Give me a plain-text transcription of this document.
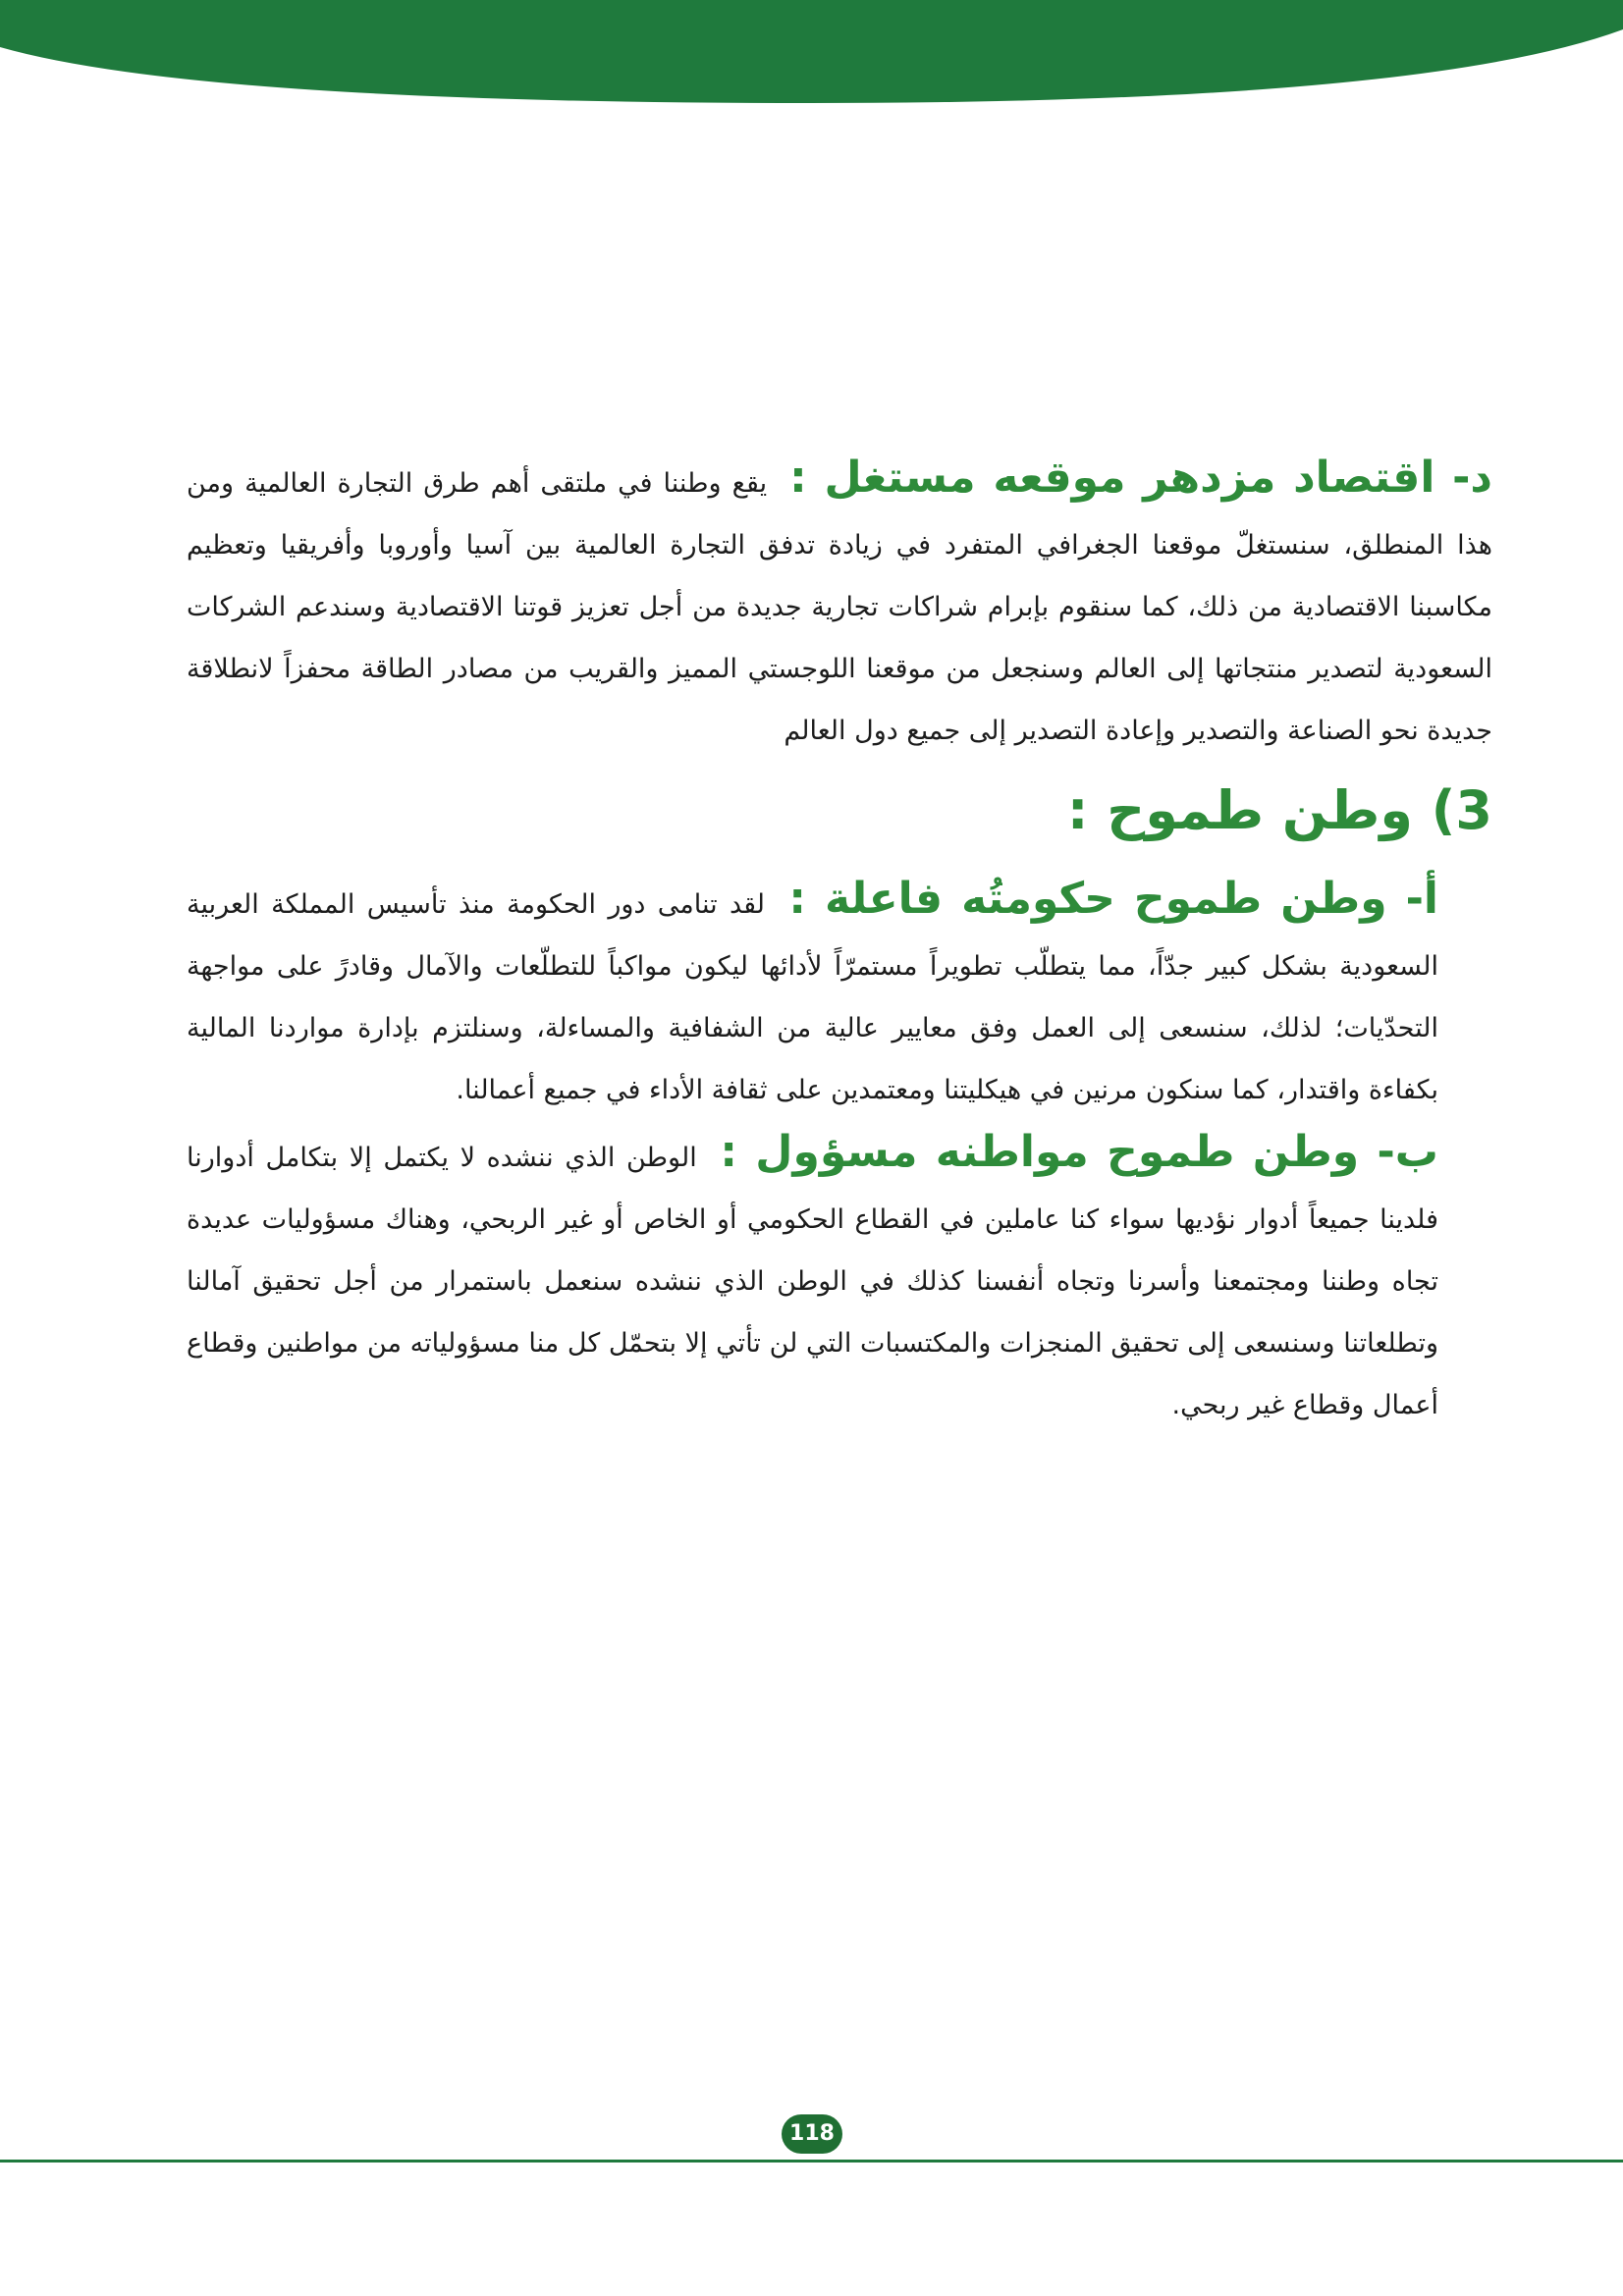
د- اقتصاد مزدهر موقعه مستغل : يقع وطننا في ملتقى أهم طرق التجارة العالمية ومن هذا المنطلق، سنستغلّ موقعنا الجغرافي المتفرد في زيادة تدفق التجارة العالمية بين آسيا وأوروبا وأفريقيا وتعظيم مكاسبنا الاقتصادية من ذلك، كما سنقوم بإبرام شراكات تجارية جديدة من أجل تعزيز قوتنا الاقتصادية وسندعم الشركات السعودية لتصدير منتجاتها إلى العالم وسنجعل من موقعنا اللوجستي المميز والقريب من مصادر الطاقة محفزاً لانطلاقة جديدة نحو الصناعة والتصدير وإعادة التصدير إلى جميع دول العالم

3) وطن طموح :

أ- وطن طموح حكومتُه فاعلة : لقد تنامى دور الحكومة منذ تأسيس المملكة العربية السعودية بشكل كبير جدّاً، مما يتطلّب تطويراً مستمرّاً لأدائها ليكون مواكباً للتطلّعات والآمال وقادرً على مواجهة التحدّيات؛ لذلك، سنسعى إلى العمل وفق معايير عالية من الشفافية والمساءلة، وسنلتزم بإدارة مواردنا المالية بكفاءة واقتدار، كما سنكون مرنين في هيكليتنا ومعتمدين على ثقافة الأداء في جميع أعمالنا.

ب- وطن طموح مواطنه مسؤول : الوطن الذي ننشده لا يكتمل إلا بتكامل أدوارنا فلدينا جميعاً أدوار نؤديها سواء كنا عاملين في القطاع الحكومي أو الخاص أو غير الربحي، وهناك مسؤوليات عديدة تجاه وطننا ومجتمعنا وأسرنا وتجاه أنفسنا كذلك في الوطن الذي ننشده سنعمل باستمرار من أجل تحقيق آمالنا وتطلعاتنا وسنسعى إلى تحقيق المنجزات والمكتسبات التي لن تأتي إلا بتحمّل كل منا مسؤولياته من مواطنين وقطاع أعمال وقطاع غير ربحي.

118
